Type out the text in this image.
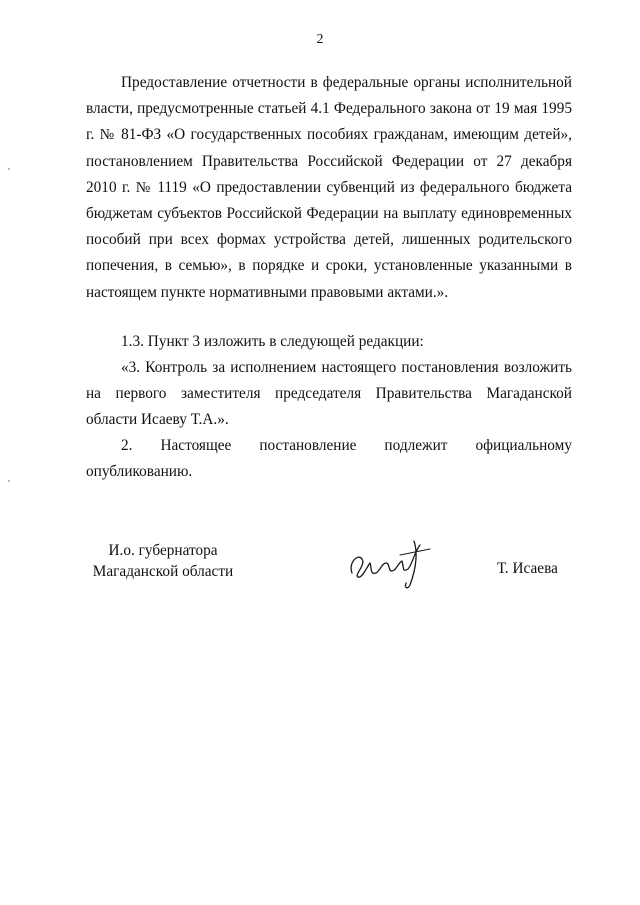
2

Предоставление отчетности в федеральные органы исполнительной власти, предусмотренные статьей 4.1 Федерального закона от 19 мая 1995 г. № 81-ФЗ «О государственных пособиях гражданам, имеющим детей», постановлением Правительства Российской Федерации от 27 декабря 2010 г. № 1119 «О предоставлении субвенций из федерального бюджета бюджетам субъектов Российской Федерации на выплату единовременных пособий при всех формах устройства детей, лишенных родительского попечения, в семью», в порядке и сроки, установленные указанными в настоящем пункте нормативными правовыми актами.».

1.3. Пункт 3 изложить в следующей редакции:

«3. Контроль за исполнением настоящего постановления возложить на первого заместителя председателя Правительства Магаданской области Исаеву Т.А.».

2. Настоящее постановление подлежит официальному опубликованию.

И.о. губернатора
Магаданской области	Т. Исаева
